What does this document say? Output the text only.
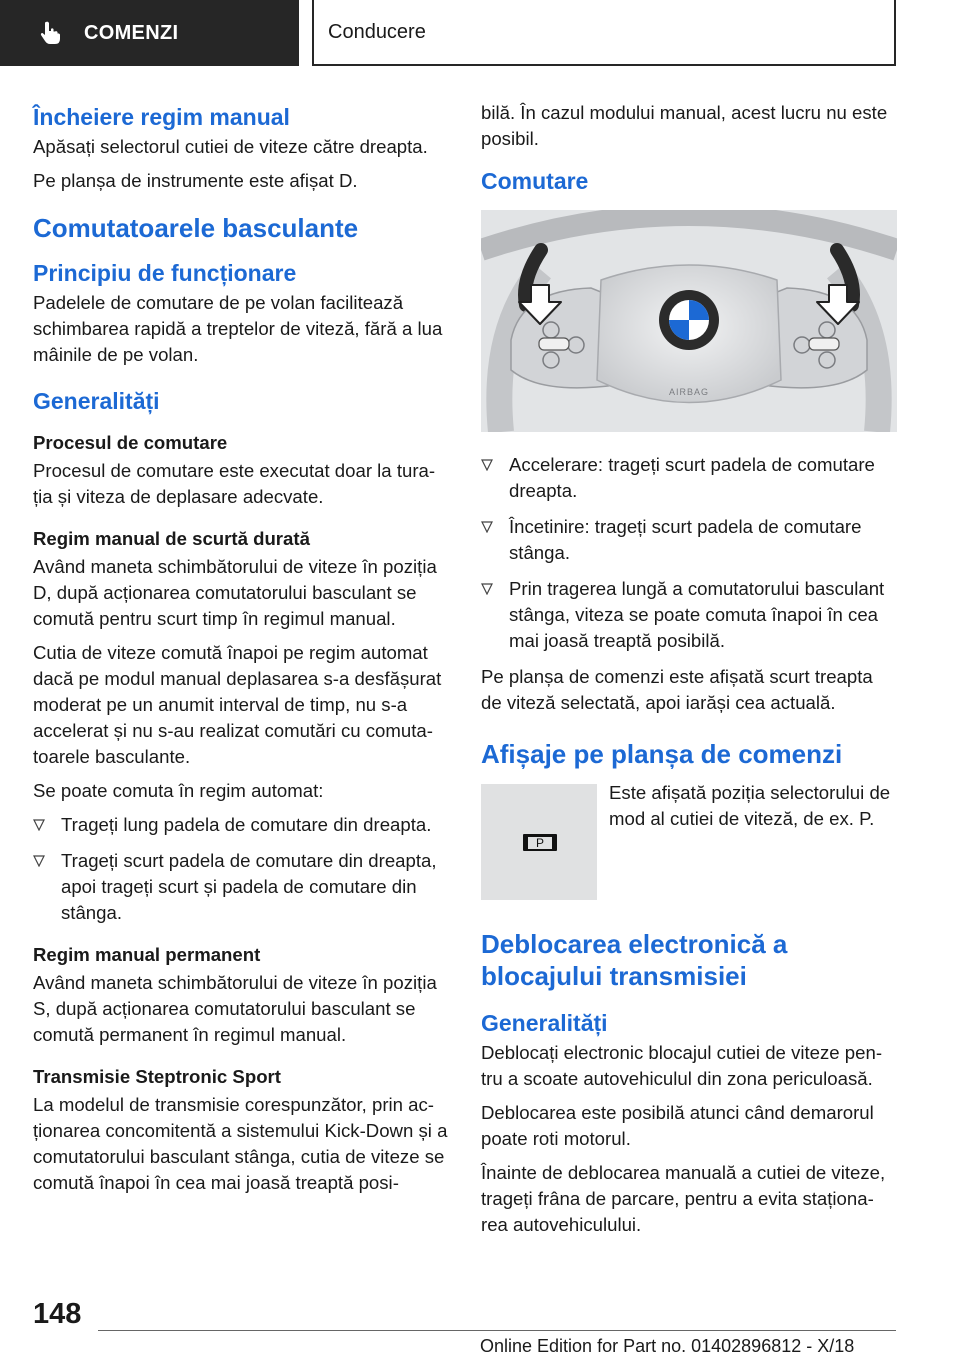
COMENZI	Conducere
Încheiere regim manual

Apăsați selectorul cutiei de viteze către dreapta.

Pe planșa de instrumente este afișat D.

Comutatoarele basculante
Principiu de funcționare

Padelele de comutare de pe volan facilitează schimbarea rapidă a treptelor de viteză, fără a lua mâinile de pe volan.

Generalități
Procesul de comutare

Procesul de comutare este executat doar la tura-ția și viteza de deplasare adecvate.

Regim manual de scurtă durată

Având maneta schimbătorului de viteze în poziția D, după acționarea comutatorului basculant se comută pentru scurt timp în regimul manual.

Cutia de viteze comută înapoi pe regim automat dacă pe modul manual deplasarea s-a desfășurat moderat pe un anumit interval de timp, nu s-a accelerat și nu s-au realizat comutări cu comuta-toarele basculante.

Se poate comuta în regim automat:

Trageți lung padela de comutare din dreapta.
Trageți scurt padela de comutare din dreapta, apoi trageți scurt și padela de comutare din stânga.
Regim manual permanent

Având maneta schimbătorului de viteze în poziția S, după acționarea comutatorului basculant se comută permanent în regimul manual.

Transmisie Steptronic Sport

La modelul de transmisie corespunzător, prin ac-ționarea concomitentă a sistemului Kick-Down și a comutatorului basculant stânga, cutia de viteze se comută înapoi în cea mai joasă treaptă posi-

bilă. În cazul modului manual, acest lucru nu este posibil.

Comutare
AIRBAG
Accelerare: trageți scurt padela de comutare dreapta.
Încetinire: trageți scurt padela de comutare stânga.
Prin tragerea lungă a comutatorului basculant stânga, viteza se poate comuta înapoi în cea mai joasă treaptă posibilă.

Pe planșa de comenzi este afișată scurt treapta de viteză selectată, apoi iarăși cea actuală.

Afișaje pe planșa de comenzi
P

Este afișată poziția selectorului de mod al cutiei de viteză, de ex. P.

Deblocarea electronică a blocajului transmisiei
Generalități

Deblocați electronic blocajul cutiei de viteze pen-tru a scoate autovehiculul din zona periculoasă.

Deblocarea este posibilă atunci când demarorul poate roti motorul.

Înainte de deblocarea manuală a cutiei de viteze, trageți frâna de parcare, pentru a evita staționa-rea autovehiculului.

148
Online Edition for Part no. 01402896812 - X/18
